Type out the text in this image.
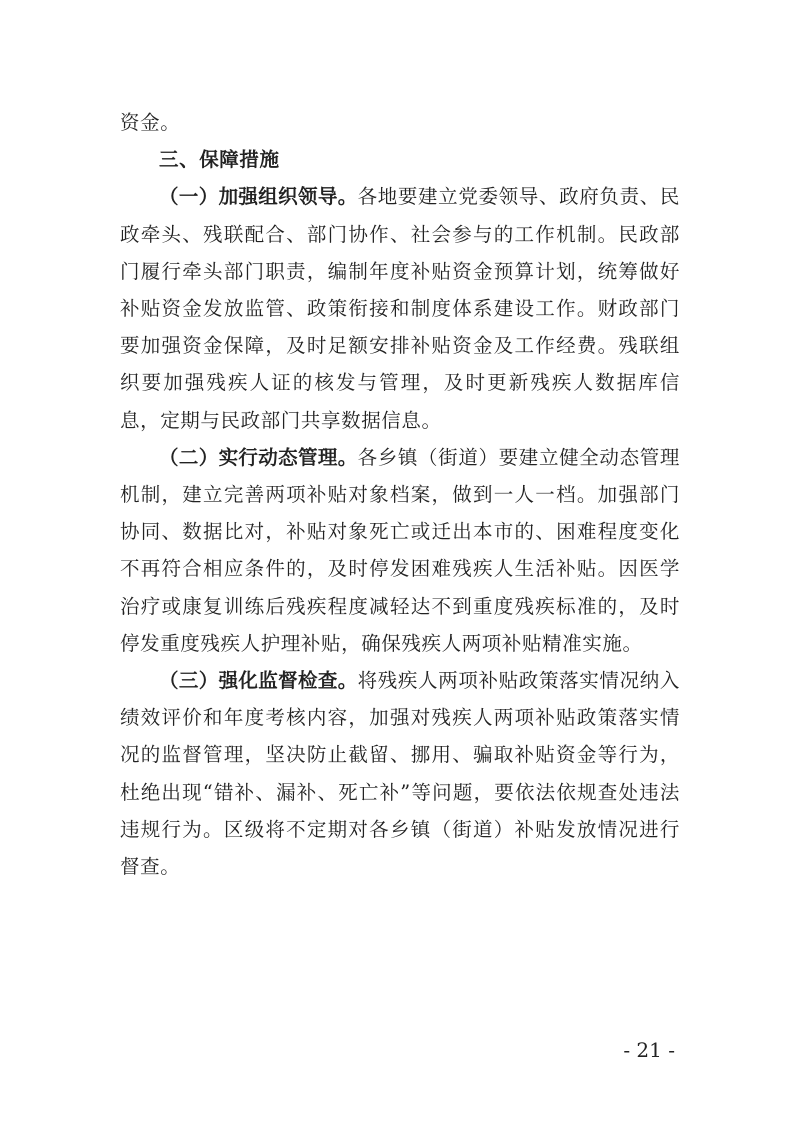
资金。

三、保障措施

（一）加强组织领导。各地要建立党委领导、政府负责、民政牵头、残联配合、部门协作、社会参与的工作机制。民政部门履行牵头部门职责，编制年度补贴资金预算计划，统筹做好补贴资金发放监管、政策衔接和制度体系建设工作。财政部门要加强资金保障，及时足额安排补贴资金及工作经费。残联组织要加强残疾人证的核发与管理，及时更新残疾人数据库信息，定期与民政部门共享数据信息。

（二）实行动态管理。各乡镇（街道）要建立健全动态管理机制，建立完善两项补贴对象档案，做到一人一档。加强部门协同、数据比对，补贴对象死亡或迁出本市的、困难程度变化不再符合相应条件的，及时停发困难残疾人生活补贴。因医学治疗或康复训练后残疾程度减轻达不到重度残疾标准的，及时停发重度残疾人护理补贴，确保残疾人两项补贴精准实施。

（三）强化监督检查。将残疾人两项补贴政策落实情况纳入绩效评价和年度考核内容，加强对残疾人两项补贴政策落实情况的监督管理，坚决防止截留、挪用、骗取补贴资金等行为，杜绝出现“错补、漏补、死亡补”等问题，要依法依规查处违法违规行为。区级将不定期对各乡镇（街道）补贴发放情况进行督查。

- 21 -
